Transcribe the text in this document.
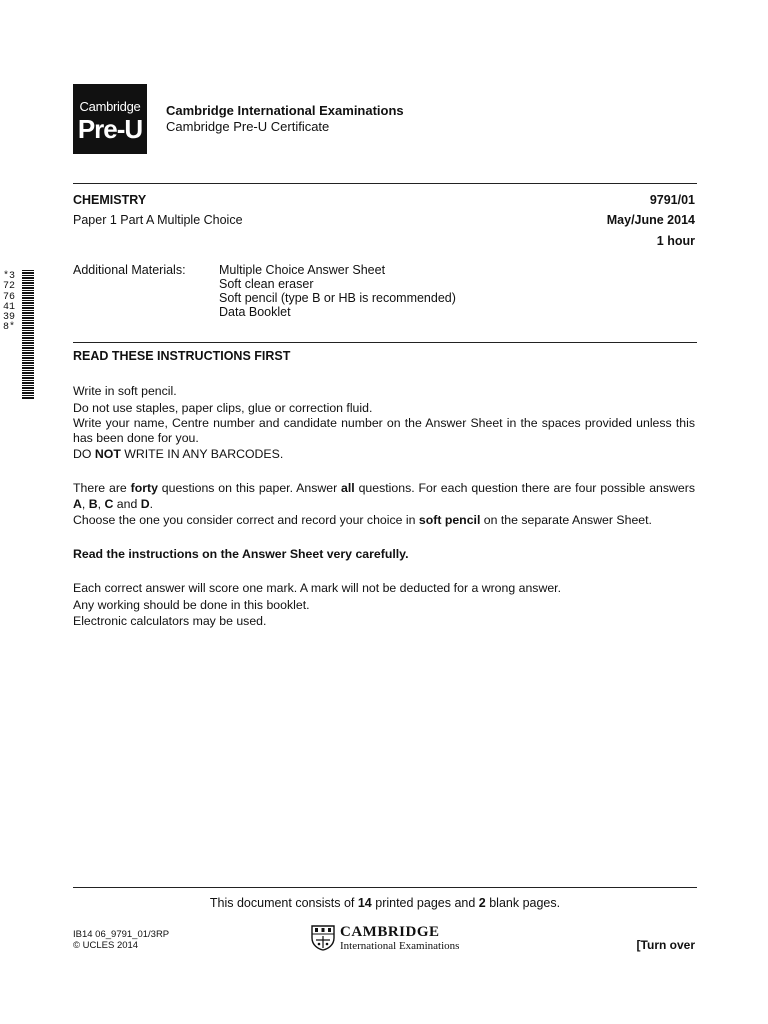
Cambridge
Pre-U
Cambridge International Examinations
Cambridge Pre-U Certificate
CHEMISTRY	9791/01
Paper 1 Part A Multiple Choice	May/June 2014
1 hour
Additional Materials:	Multiple Choice Answer Sheet
Soft clean eraser
Soft pencil (type B or HB is recommended)
Data Booklet
*3727641398*
READ THESE INSTRUCTIONS FIRST
Write in soft pencil.
Do not use staples, paper clips, glue or correction fluid.
Write your name, Centre number and candidate number on the Answer Sheet in the spaces provided unless this has been done for you.
DO NOT WRITE IN ANY BARCODES.
There are forty questions on this paper. Answer all questions. For each question there are four possible answers A, B, C and D.
Choose the one you consider correct and record your choice in soft pencil on the separate Answer Sheet.
Read the instructions on the Answer Sheet very carefully.
Each correct answer will score one mark. A mark will not be deducted for a wrong answer.
Any working should be done in this booklet.
Electronic calculators may be used.
This document consists of 14 printed pages and 2 blank pages.
IB14 06_9791_01/3RP
© UCLES 2014
CAMBRIDGE
International Examinations	[Turn over
